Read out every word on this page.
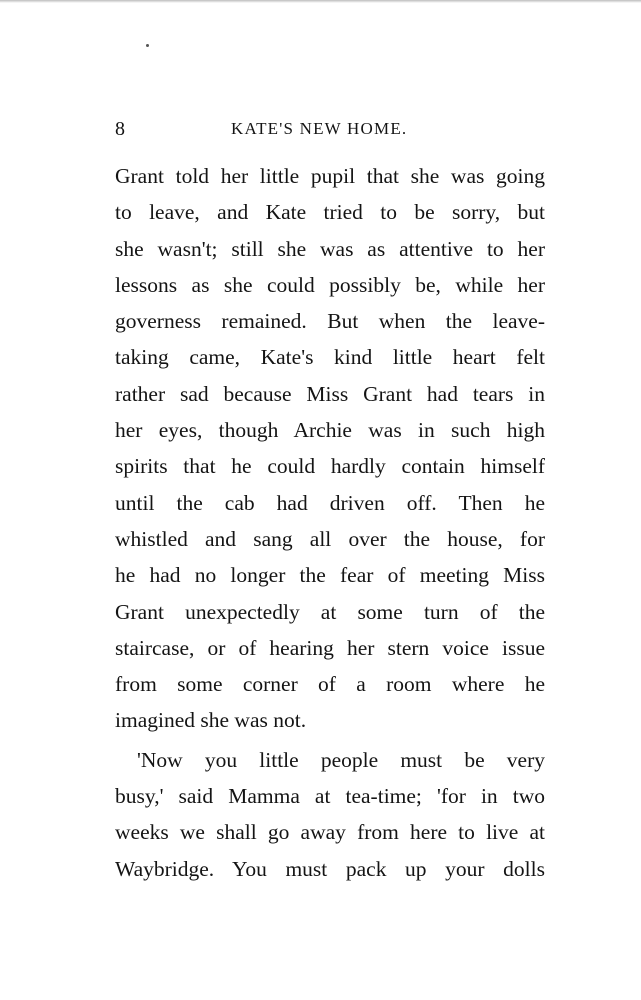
8	KATE'S NEW HOME.
Grant told her little pupil that she was going
to leave, and Kate tried to be sorry, but
she wasn't; still she was as attentive to her
lessons as she could possibly be, while her
governess remained. But when the leave-
taking came, Kate's kind little heart felt
rather sad because Miss Grant had tears in
her eyes, though Archie was in such high
spirits that he could hardly contain himself
until the cab had driven off. Then he
whistled and sang all over the house, for
he had no longer the fear of meeting Miss
Grant unexpectedly at some turn of the
staircase, or of hearing her stern voice issue
from some corner of a room where he
imagined she was not.
'Now you little people must be very
busy,' said Mamma at tea-time; 'for in two
weeks we shall go away from here to live at
Waybridge. You must pack up your dolls
